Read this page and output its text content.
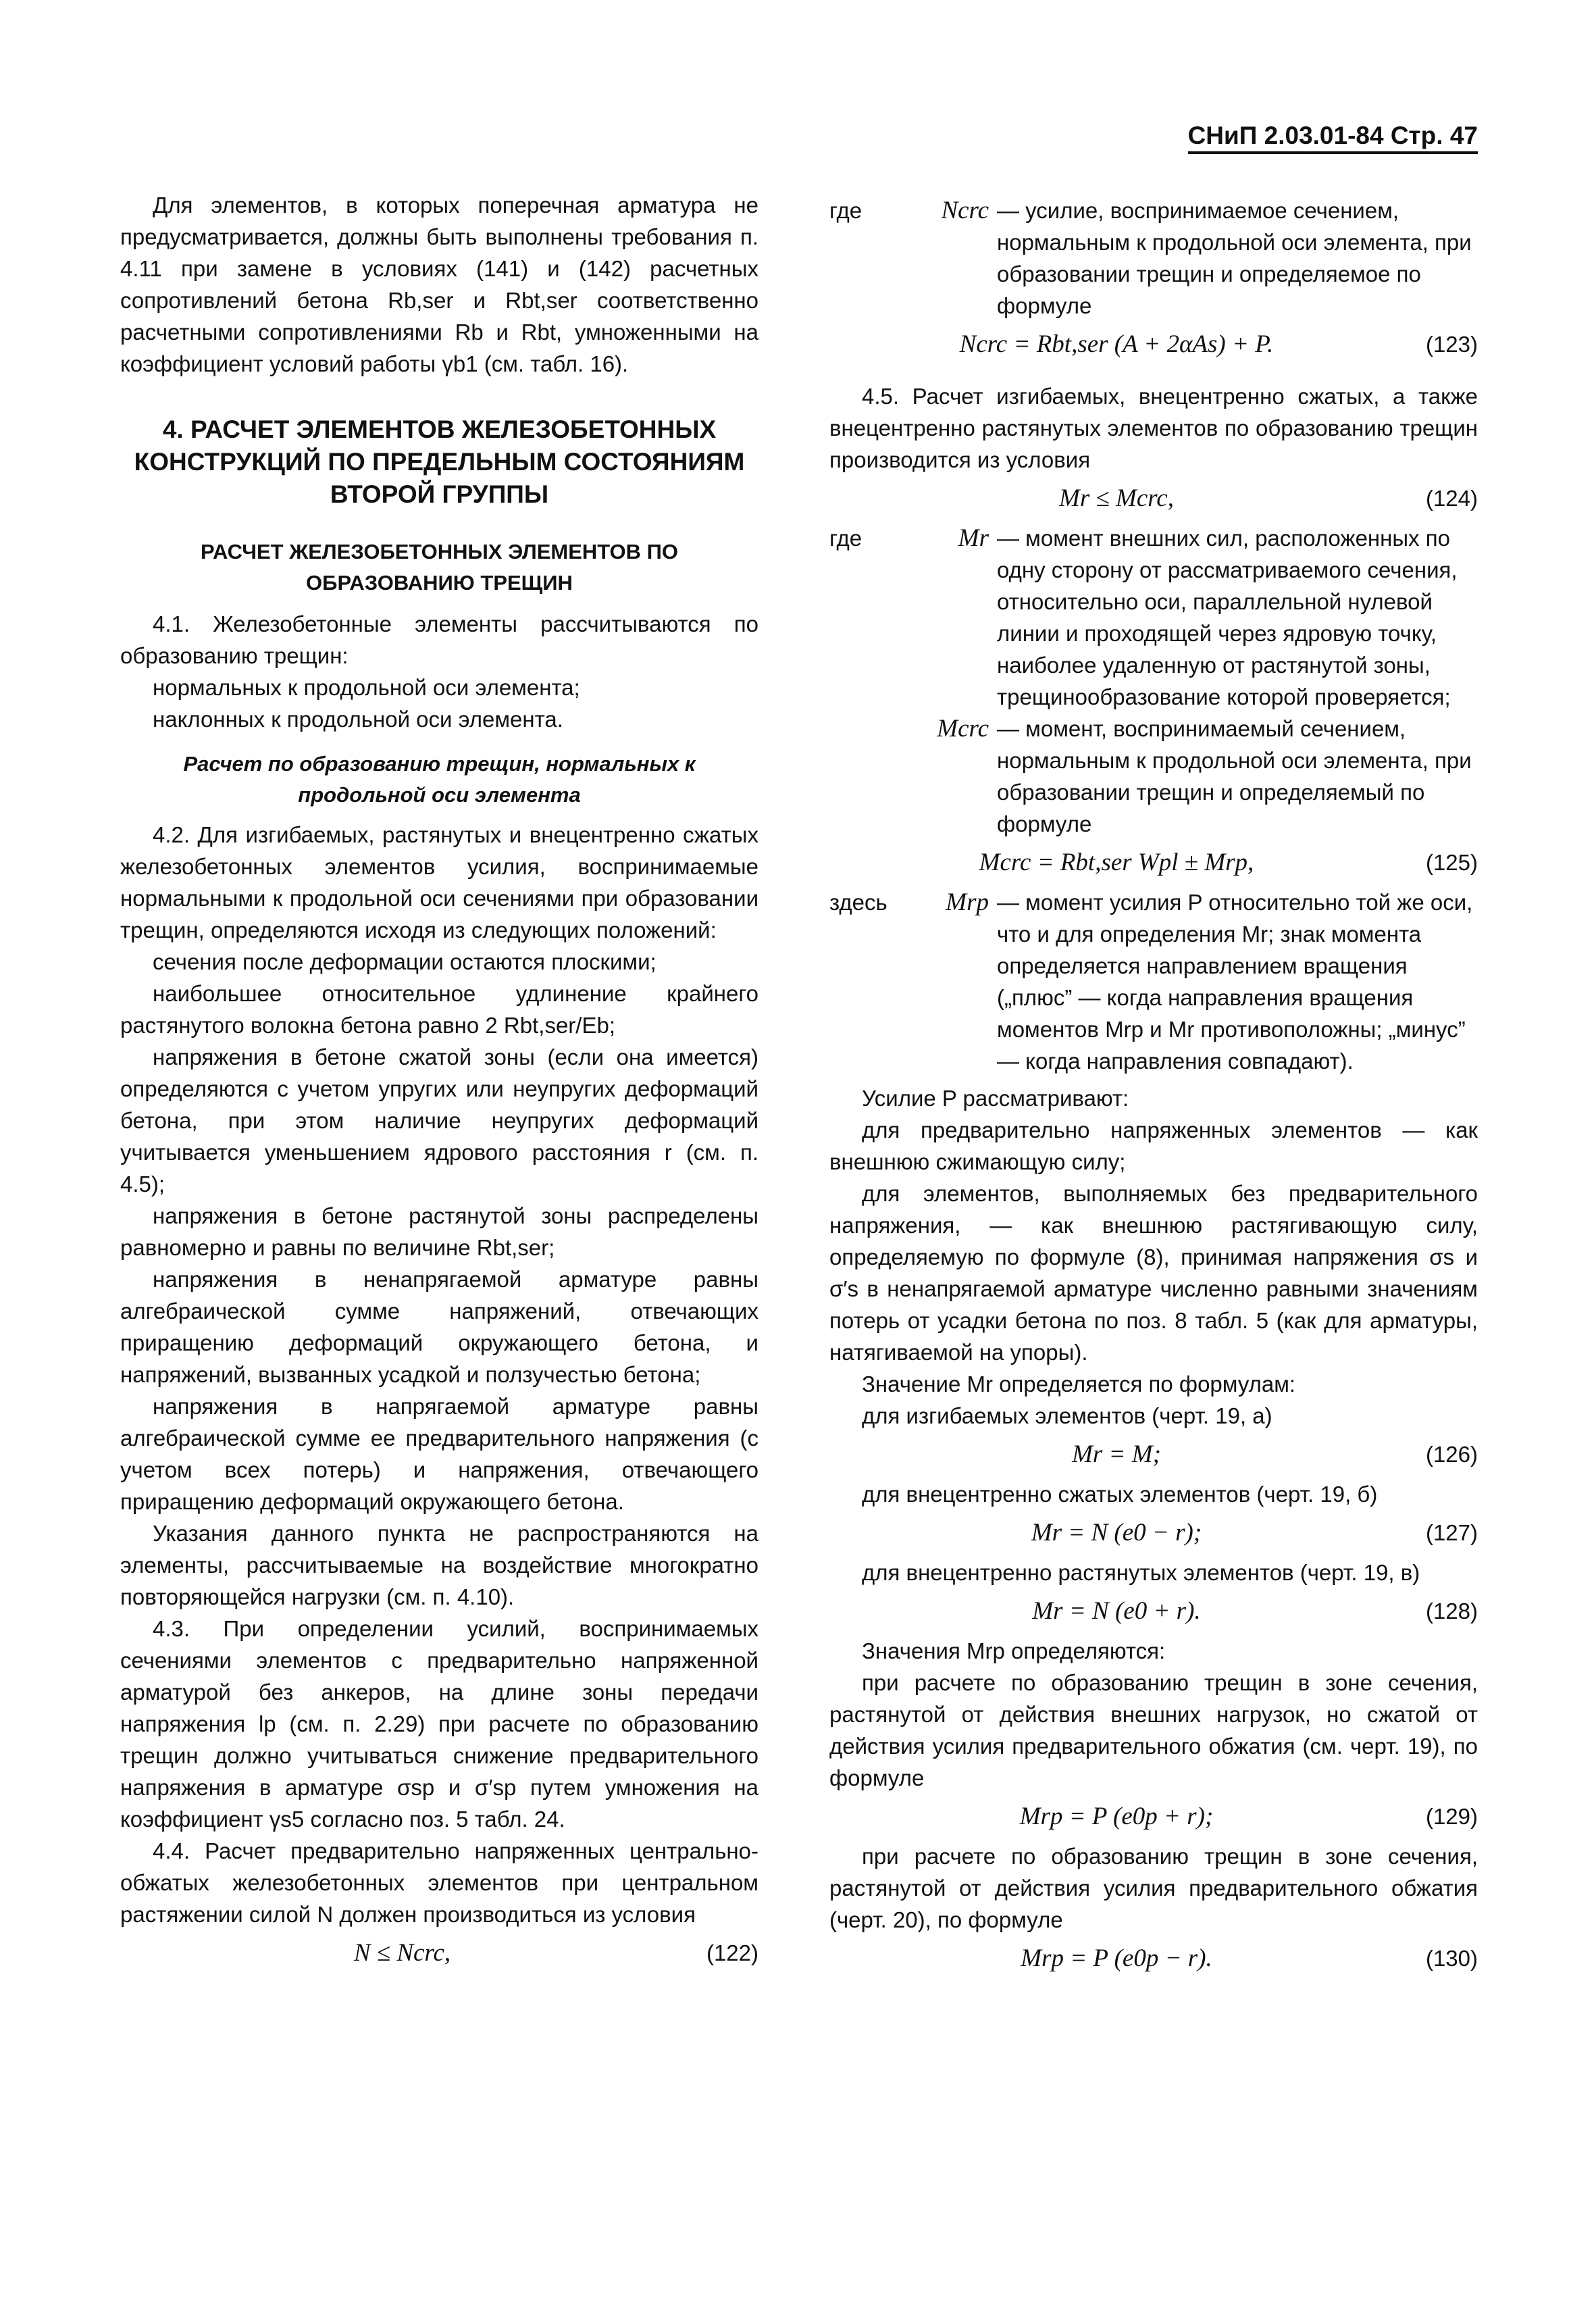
СНиП 2.03.01-84 Стр. 47

Для элементов, в которых поперечная арматура не предусматривается, должны быть выполнены требования п. 4.11 при замене в условиях (141) и (142) расчетных сопротивлений бетона Rb,ser и Rbt,ser соответственно расчетными сопротивлениями Rb и Rbt, умноженными на коэффициент условий работы γb1 (см. табл. 16).

4. РАСЧЕТ ЭЛЕМЕНТОВ ЖЕЛЕЗОБЕТОННЫХ КОНСТРУКЦИЙ ПО ПРЕДЕЛЬНЫМ СОСТОЯНИЯМ ВТОРОЙ ГРУППЫ
РАСЧЕТ ЖЕЛЕЗОБЕТОННЫХ ЭЛЕМЕНТОВ ПО ОБРАЗОВАНИЮ ТРЕЩИН

4.1. Железобетонные элементы рассчитываются по образованию трещин:

нормальных к продольной оси элемента;

наклонных к продольной оси элемента.

Расчет по образованию трещин, нормальных к продольной оси элемента

4.2. Для изгибаемых, растянутых и внецентренно сжатых железобетонных элементов усилия, воспринимаемые нормальными к продольной оси сечениями при образовании трещин, определяются исходя из следующих положений:

сечения после деформации остаются плоскими;

наибольшее относительное удлинение крайнего растянутого волокна бетона равно 2 Rbt,ser/Eb;

напряжения в бетоне сжатой зоны (если она имеется) определяются с учетом упругих или неупругих деформаций бетона, при этом наличие неупругих деформаций учитывается уменьшением ядрового расстояния r (см. п. 4.5);

напряжения в бетоне растянутой зоны распределены равномерно и равны по величине Rbt,ser;

напряжения в ненапрягаемой арматуре равны алгебраической сумме напряжений, отвечающих приращению деформаций окружающего бетона, и напряжений, вызванных усадкой и ползучестью бетона;

напряжения в напрягаемой арматуре равны алгебраической сумме ее предварительного напряжения (с учетом всех потерь) и напряжения, отвечающего приращению деформаций окружающего бетона.

Указания данного пункта не распространяются на элементы, рассчитываемые на воздействие многократно повторяющейся нагрузки (см. п. 4.10).

4.3. При определении усилий, воспринимаемых сечениями элементов с предварительно напряженной арматурой без анкеров, на длине зоны передачи напряжения lp (см. п. 2.29) при расчете по образованию трещин должно учитываться снижение предварительного напряжения в арматуре σsp и σ′sp путем умножения на коэффициент γs5 согласно поз. 5 табл. 24.

4.4. Расчет предварительно напряженных центрально-обжатых железобетонных элементов при центральном растяжении силой N должен производиться из условия

N ≤ Ncrc,	(122)
где	Ncrc — усилие, воспринимаемое сечением, нормальным к продольной оси элемента, при образовании трещин и определяемое по формуле
Ncrc = Rbt,ser (A + 2αAs) + P.	(123)

4.5. Расчет изгибаемых, внецентренно сжатых, а также внецентренно растянутых элементов по образованию трещин производится из условия

Mr ≤ Mcrc,	(124)
где	Mr — момент внешних сил, расположенных по одну сторону от рассматриваемого сечения, относительно оси, параллельной нулевой линии и проходящей через ядровую точку, наиболее удаленную от растянутой зоны, трещинообразование которой проверяется;
Mcrc — момент, воспринимаемый сечением, нормальным к продольной оси элемента, при образовании трещин и определяемый по формуле
Mcrc = Rbt,ser Wpl ± Mrp,	(125)
здесь	Mrp — момент усилия P относительно той же оси, что и для определения Mr; знак момента определяется направлением вращения („плюс” — когда направления вращения моментов Mrp и Mr противоположны; „минус” — когда направления совпадают).

Усилие P рассматривают:

для предварительно напряженных элементов — как внешнюю сжимающую силу;

для элементов, выполняемых без предварительного напряжения, — как внешнюю растягивающую силу, определяемую по формуле (8), принимая напряжения σs и σ′s в ненапрягаемой арматуре численно равными значениям потерь от усадки бетона по поз. 8 табл. 5 (как для арматуры, натягиваемой на упоры).

Значение Mr определяется по формулам:

для изгибаемых элементов (черт. 19, а)

Mr = M;	(126)

для внецентренно сжатых элементов (черт. 19, б)

Mr = N (e0 − r);	(127)

для внецентренно растянутых элементов (черт. 19, в)

Mr = N (e0 + r).	(128)

Значения Mrp определяются:

при расчете по образованию трещин в зоне сечения, растянутой от действия внешних нагрузок, но сжатой от действия усилия предварительного обжатия (см. черт. 19), по формуле

Mrp = P (e0p + r);	(129)

при расчете по образованию трещин в зоне сечения, растянутой от действия усилия предварительного обжатия (черт. 20), по формуле

Mrp = P (e0p − r).	(130)
